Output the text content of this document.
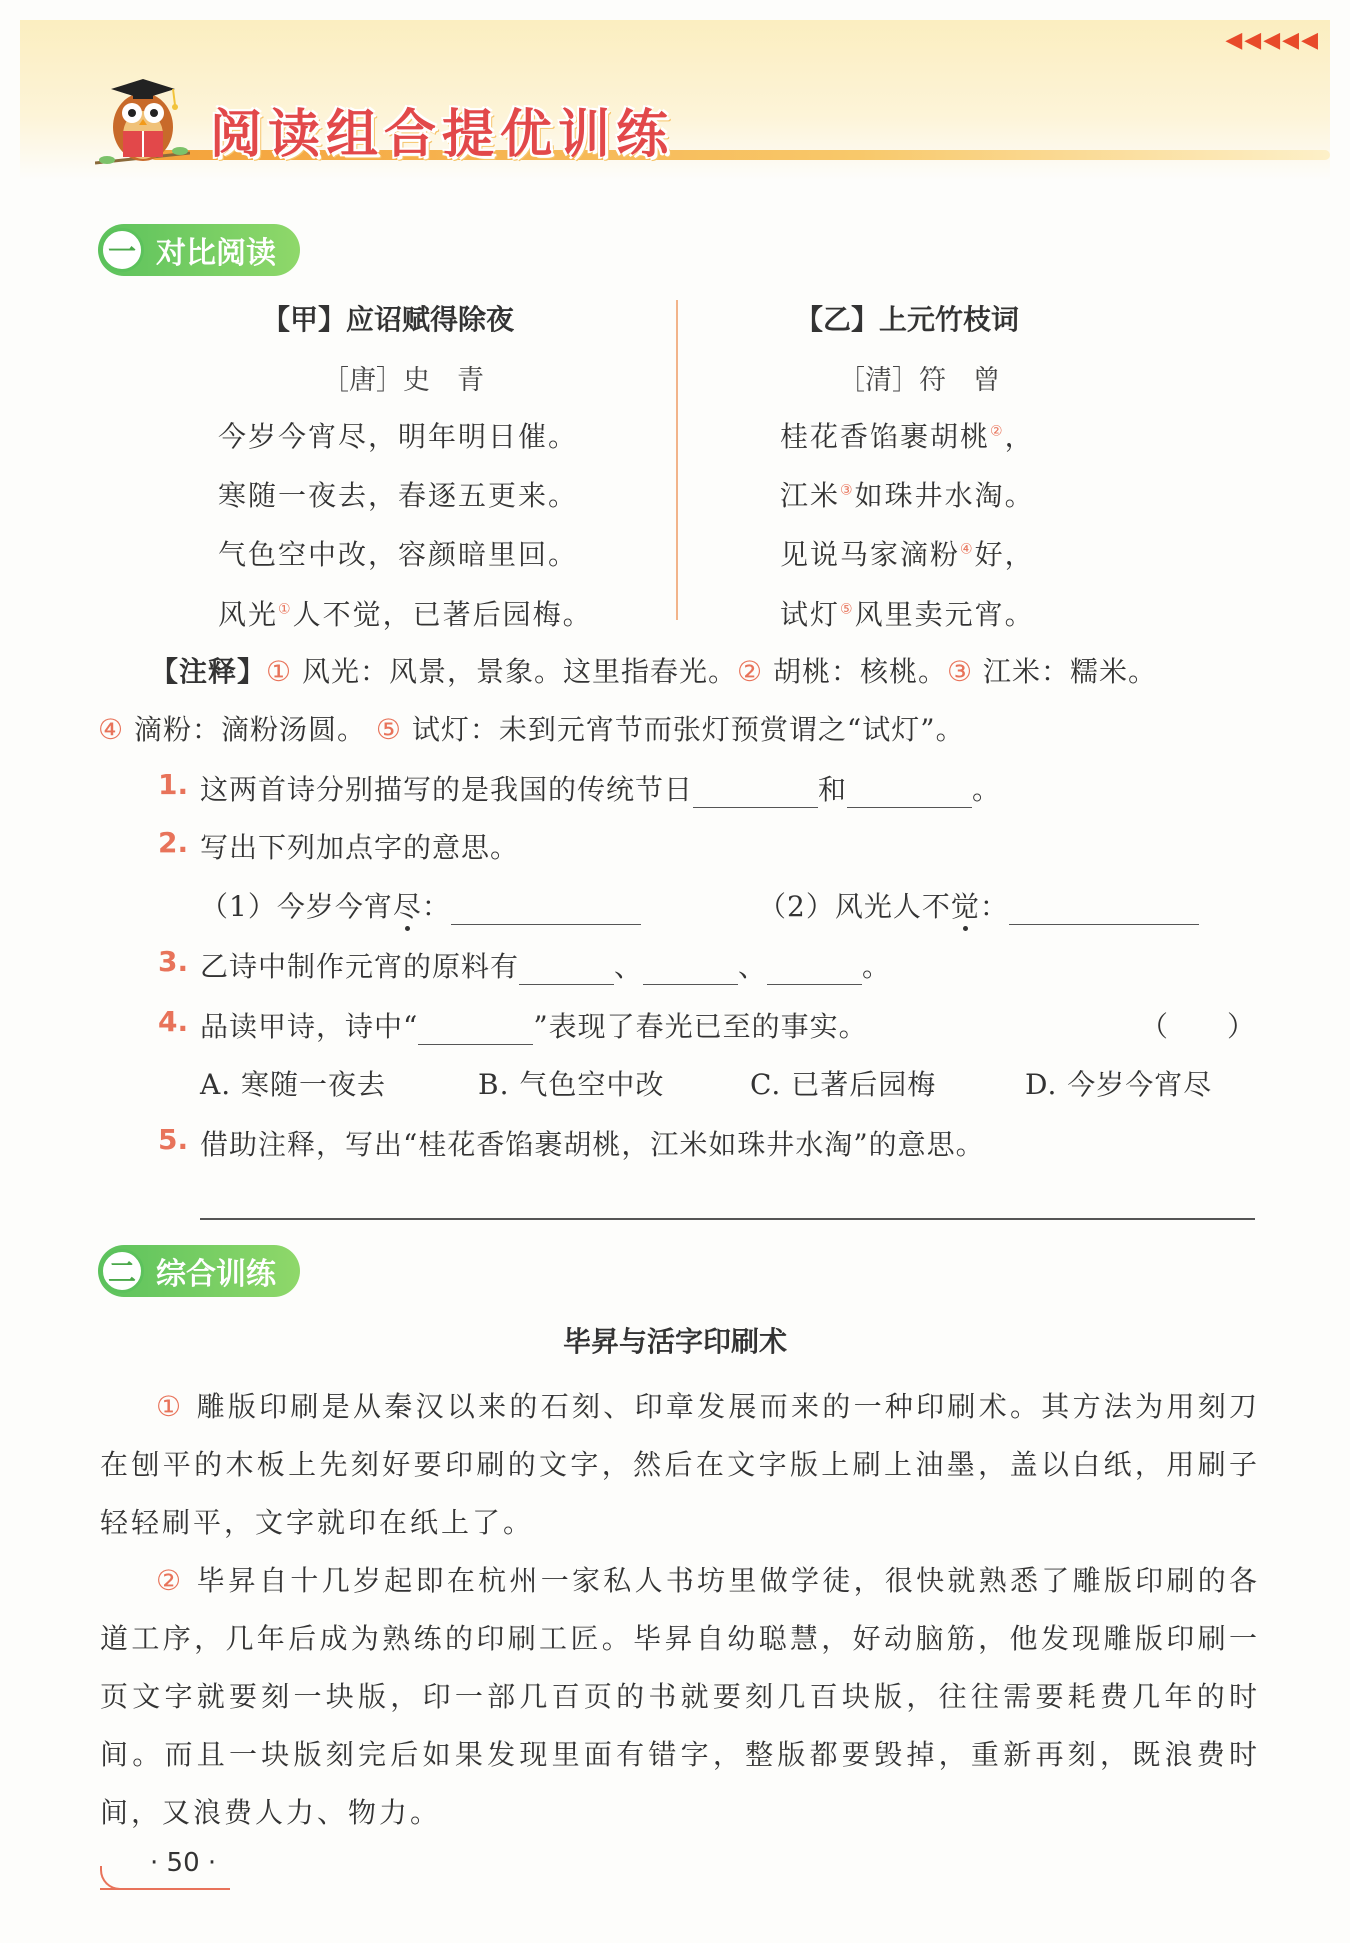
◀◀◀◀◀
阅读组合提优训练
一 对比阅读
【甲】应诏赋得除夜
［唐］史　青
今岁今宵尽，明年明日催。
寒随一夜去，春逐五更来。
气色空中改，容颜暗里回。
风光①人不觉，已著后园梅。
【乙】上元竹枝词
［清］符　曾
桂花香馅裹胡桃②，
江米③如珠井水淘。
见说马家滴粉④好，
试灯⑤风里卖元宵。
【注释】① 风光：风景，景象。这里指春光。② 胡桃：核桃。③ 江米：糯米。
④ 滴粉：滴粉汤圆。 ⑤ 试灯：未到元宵节而张灯预赏谓之“试灯”。
1. 这两首诗分别描写的是我国的传统节日	和	。
2. 写出下列加点字的意思。
（1）今岁今宵尽：	（2）风光人不觉：
3. 乙诗中制作元宵的原料有	、	、	。
4. 品读甲诗，诗中“	”表现了春光已至的事实。	（　　）
A. 寒随一夜去	B. 气色空中改	C. 已著后园梅	D. 今岁今宵尽
5. 借助注释，写出“桂花香馅裹胡桃，江米如珠井水淘”的意思。
二 综合训练
毕昇与活字印刷术
① 雕版印刷是从秦汉以来的石刻、印章发展而来的一种印刷术。其方法为用刻刀在刨平的木板上先刻好要印刷的文字，然后在文字版上刷上油墨，盖以白纸，用刷子轻轻刷平，文字就印在纸上了。
② 毕昇自十几岁起即在杭州一家私人书坊里做学徒，很快就熟悉了雕版印刷的各道工序，几年后成为熟练的印刷工匠。毕昇自幼聪慧，好动脑筋，他发现雕版印刷一页文字就要刻一块版，印一部几百页的书就要刻几百块版，往往需要耗费几年的时间。而且一块版刻完后如果发现里面有错字，整版都要毁掉，重新再刻，既浪费时间，又浪费人力、物力。
· 50 ·
